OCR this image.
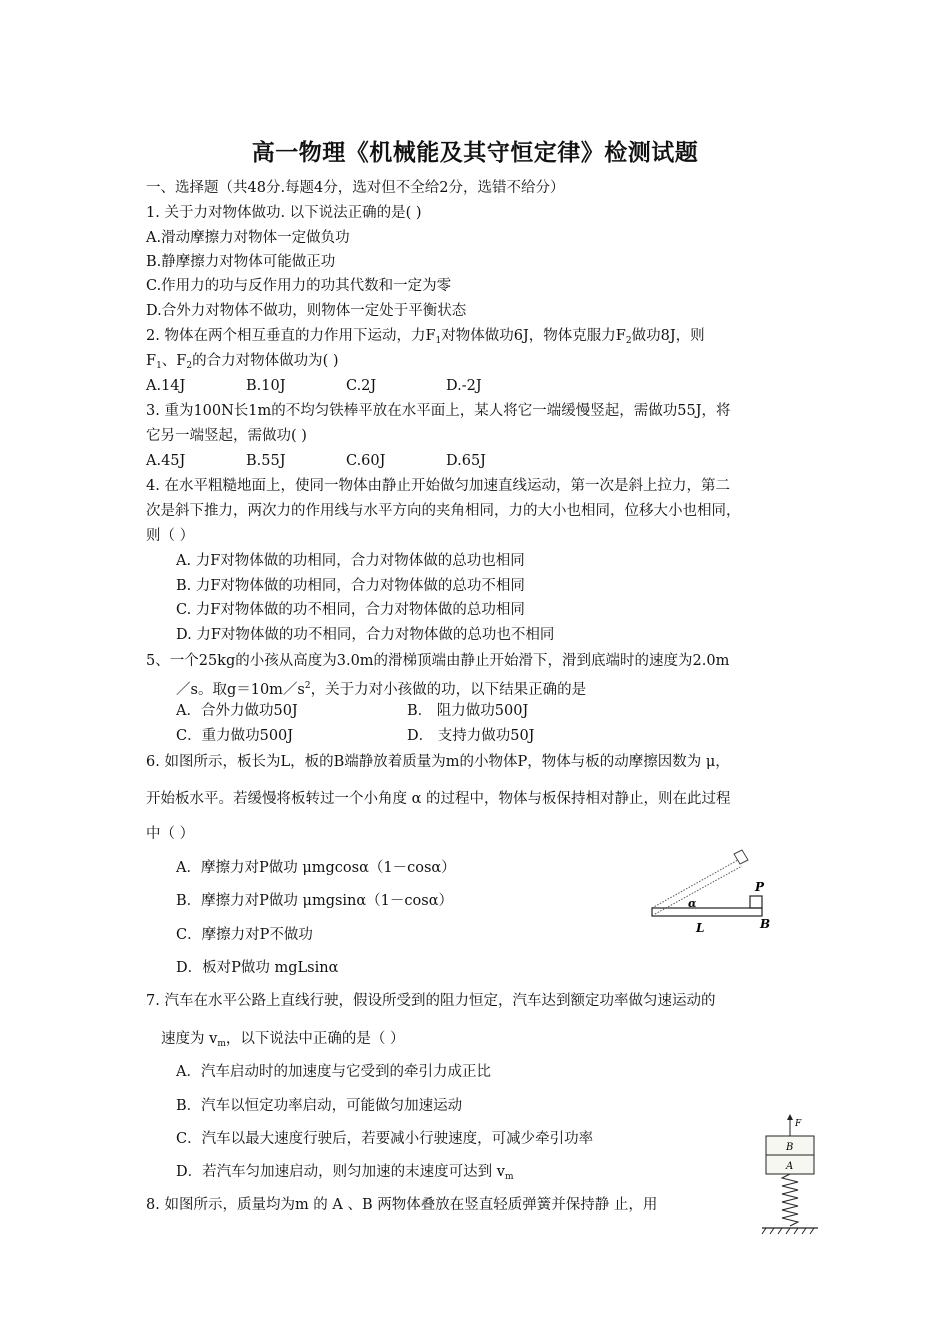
高一物理《机械能及其守恒定律》检测试题
一、选择题（共48分.每题4分，选对但不全给2分，选错不给分）
1. 关于力对物体做功. 以下说法正确的是( )
A.滑动摩擦力对物体一定做负功
B.静摩擦力对物体可能做正功
C.作用力的功与反作用力的功其代数和一定为零
D.合外力对物体不做功，则物体一定处于平衡状态
2. 物体在两个相互垂直的力作用下运动，力$F_1$对物体做功6J，物体克服力$F_2$做功8J，则
$F_1$、$F_2$的合力对物体做功为( )
A.14J	B.10J	C.2J	D.-2J
3. 重为100N长1m的不均匀铁棒平放在水平面上，某人将它一端缓慢竖起，需做功55J，将
它另一端竖起，需做功( )
A.45J	B.55J	C.60J	D.65J
4. 在水平粗糙地面上，使同一物体由静止开始做匀加速直线运动，第一次是斜上拉力，第二
次是斜下推力，两次力的作用线与水平方向的夹角相同，力的大小也相同，位移大小也相同，
则（ ）
A. 力F对物体做的功相同，合力对物体做的总功也相同
B. 力F对物体做的功相同，合力对物体做的总功不相同
C. 力F对物体做的功不相同，合力对物体做的总功相同
D. 力F对物体做的功不相同，合力对物体做的总功也不相同
5、一个25kg的小孩从高度为3.0m的滑梯顶端由静止开始滑下，滑到底端时的速度为2.0m
／s。取$g=10m/s^2$，关于力对小孩做的功，以下结果正确的是
A．合外力做功50J	B． 阻力做功500J
C．重力做功500J	D． 支持力做功50J
6. 如图所示，板长为L，板的B端静放着质量为m的小物体P，物体与板的动摩擦因数为 μ，
开始板水平。若缓慢将板转过一个小角度 α 的过程中，物体与板保持相对静止，则在此过程
中（ ）
A．摩擦力对P做功 μmgcosα（1－cosα）
B．摩擦力对P做功 μmgsinα（1－cosα）
C．摩擦力对P不做功
D．板对P做功 mgLsinα
P
α
L	B
7. 汽车在水平公路上直线行驶，假设所受到的阻力恒定，汽车达到额定功率做匀速运动的
速度为 $v_m$，以下说法中正确的是（ ）
A．汽车启动时的加速度与它受到的牵引力成正比
B．汽车以恒定功率启动，可能做匀加速运动
C．汽车以最大速度行驶后，若要减小行驶速度，可减少牵引功率
D．若汽车匀加速启动，则匀加速的末速度可达到 $v_m$
8. 如图所示，质量均为m 的 A 、B 两物体叠放在竖直轻质弹簧并保持静 止，用
F
B
A
